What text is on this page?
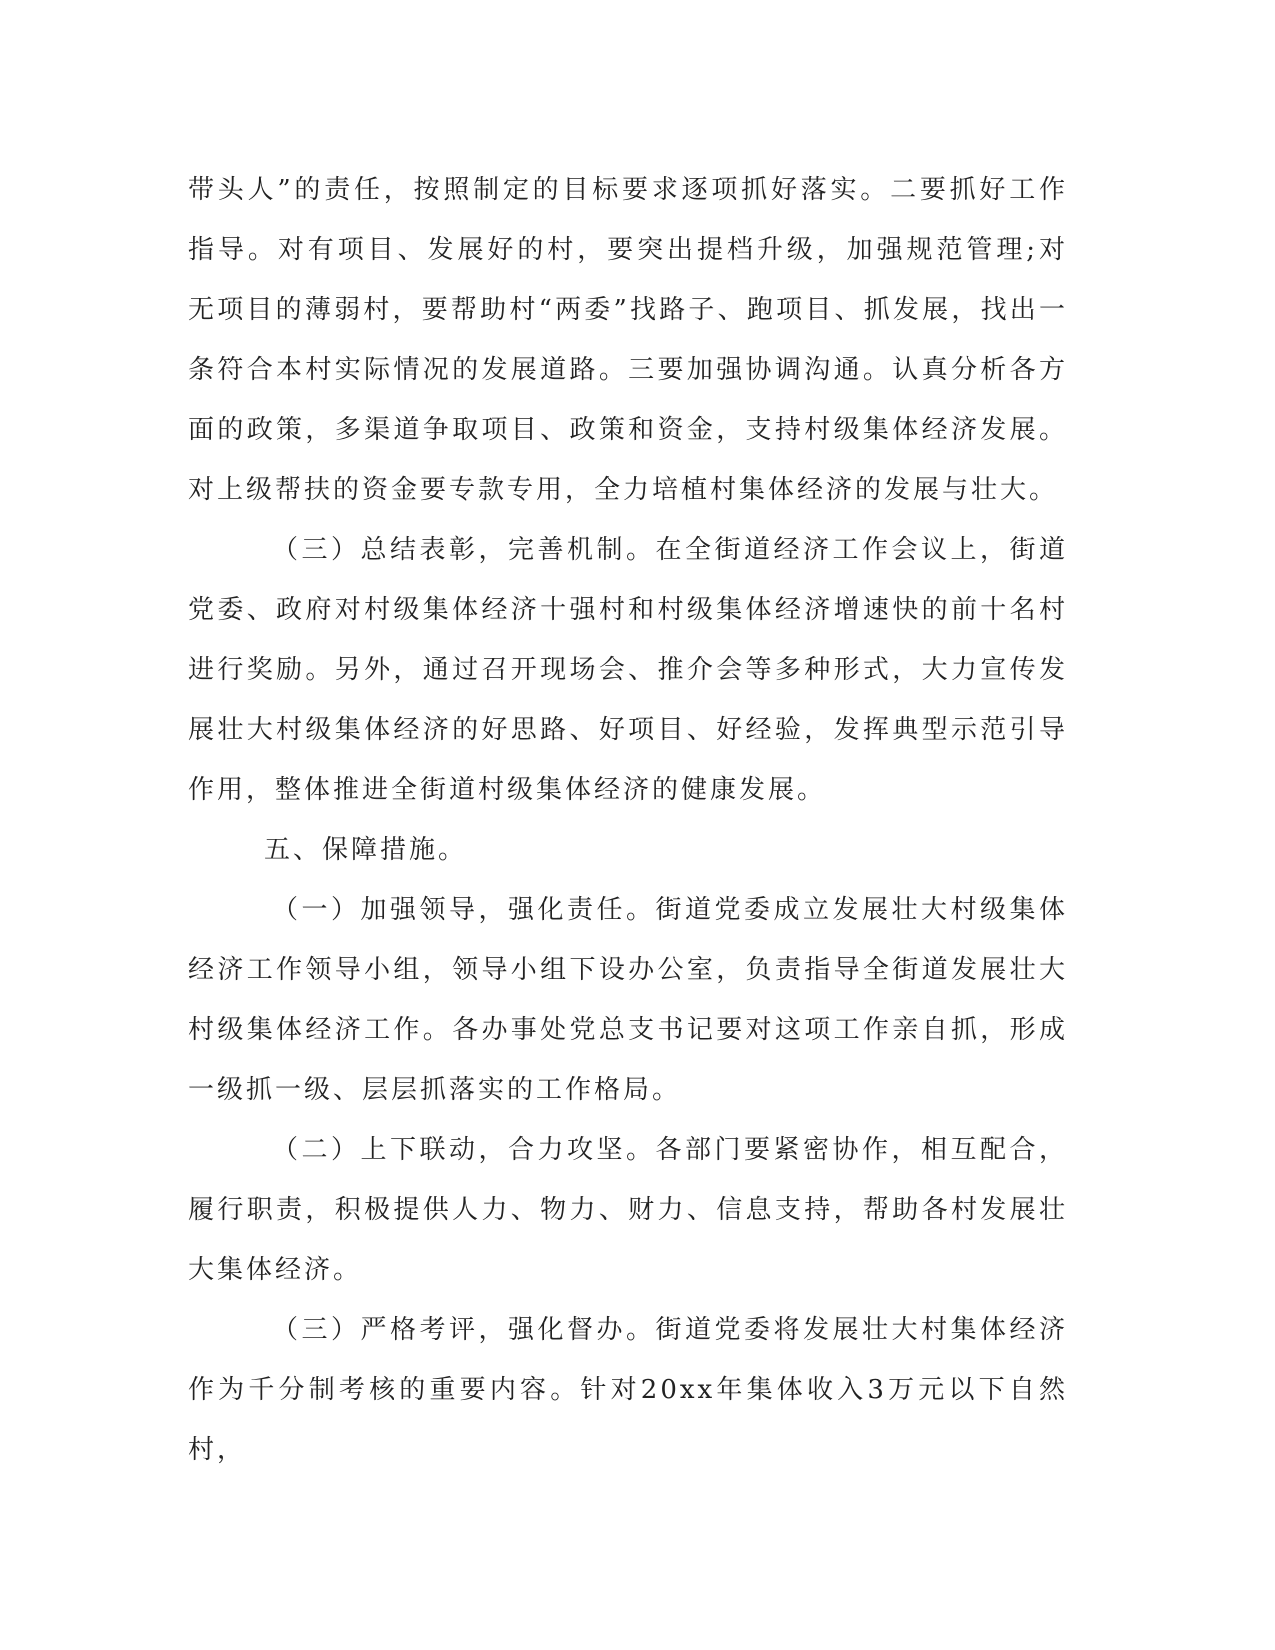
带头人”的责任，按照制定的目标要求逐项抓好落实。二要抓好工作指导。对有项目、发展好的村，要突出提档升级，加强规范管理;对无项目的薄弱村，要帮助村“两委”找路子、跑项目、抓发展，找出一条符合本村实际情况的发展道路。三要加强协调沟通。认真分析各方面的政策，多渠道争取项目、政策和资金，支持村级集体经济发展。对上级帮扶的资金要专款专用，全力培植村集体经济的发展与壮大。

（三）总结表彰，完善机制。在全街道经济工作会议上，街道党委、政府对村级集体经济十强村和村级集体经济增速快的前十名村进行奖励。另外，通过召开现场会、推介会等多种形式，大力宣传发展壮大村级集体经济的好思路、好项目、好经验，发挥典型示范引导作用，整体推进全街道村级集体经济的健康发展。

五、保障措施。

（一）加强领导，强化责任。街道党委成立发展壮大村级集体经济工作领导小组，领导小组下设办公室，负责指导全街道发展壮大村级集体经济工作。各办事处党总支书记要对这项工作亲自抓，形成一级抓一级、层层抓落实的工作格局。

（二）上下联动，合力攻坚。各部门要紧密协作，相互配合，履行职责，积极提供人力、物力、财力、信息支持，帮助各村发展壮大集体经济。

（三）严格考评，强化督办。街道党委将发展壮大村集体经济作为千分制考核的重要内容。针对20xx年集体收入3万元以下自然村，
